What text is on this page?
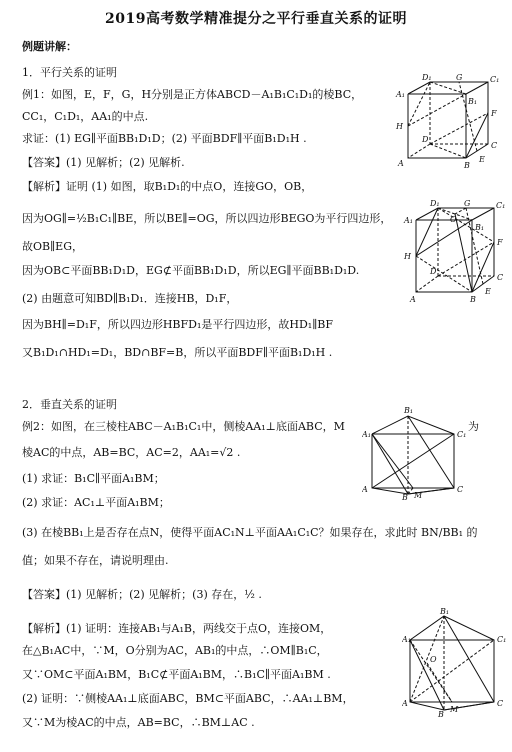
2019高考数学精准提分之平行垂直关系的证明
例题讲解：
1．平行关系的证明
例1：如图，E，F，G，H分别是正方体ABCD－A₁B₁C₁D₁的棱BC，
CC₁，C₁D₁，AA₁的中点.
求证：(1) EG∥平面BB₁D₁D；(2) 平面BDF∥平面B₁D₁H .
【答案】(1) 见解析；(2) 见解析.
【解析】证明 (1) 如图，取B₁D₁的中点O，连接GO，OB，
因为OG∥=½B₁C₁∥BE，所以BE∥=OG，所以四边形BEGO为平行四边形，
故OB∥EG，
因为OB⊂平面BB₁D₁D，EG⊄平面BB₁D₁D，所以EG∥平面BB₁D₁D.
(2) 由题意可知BD∥B₁D₁．连接HB，D₁F，
因为BH∥=D₁F，所以四边形HBFD₁是平行四边形，故HD₁∥BF
又B₁D₁∩HD₁=D₁，BD∩BF=B，所以平面BDF∥平面B₁D₁H .
2．垂直关系的证明
例2：如图，在三棱柱ABC－A₁B₁C₁中，侧棱AA₁⊥底面ABC，M	为
棱AC的中点，AB=BC，AC=2，AA₁=√2 .
(1) 求证：B₁C∥平面A₁BM；
(2) 求证：AC₁⊥平面A₁BM；
(3) 在棱BB₁上是否存在点N，使得平面AC₁N⊥平面AA₁C₁C？如果存在，求此时 BN/BB₁ 的
值；如果不存在，请说明理由.
【答案】(1) 见解析；(2) 见解析；(3) 存在，½ .
【解析】(1) 证明：连接AB₁与A₁B，两线交于点O，连接OM，
在△B₁AC中，∵M，O分别为AC，AB₁的中点，∴OM∥B₁C，
又∵OM⊂平面A₁BM，B₁C⊄平面A₁BM，∴B₁C∥平面A₁BM .
(2) 证明：∵侧棱AA₁⊥底面ABC，BM⊂平面ABC，∴AA₁⊥BM，
又∵M为棱AC的中点，AB=BC，∴BM⊥AC .
D₁	G	C₁
A₁
B₁
H
F
D
C
A	B
E
D₁	G	C₁
A₁	O
B₁
H
F
D
C
A	B
E
B₁
A₁	C₁
A
M
C
B
B₁
A₁	C₁
O
A
M
C
B
